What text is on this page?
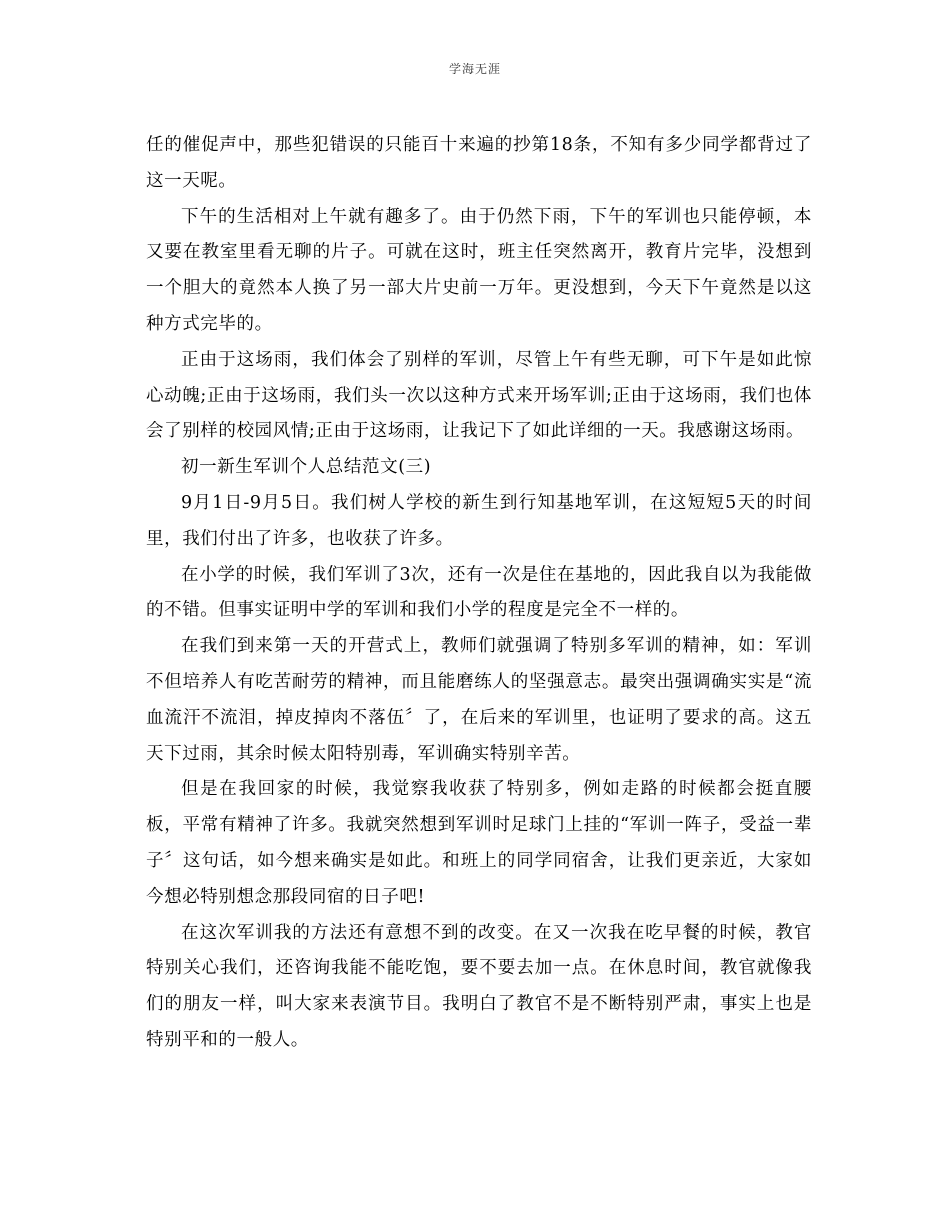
学海无涯

任的催促声中，那些犯错误的只能百十来遍的抄第18条，不知有多少同学都背过了这一天呢。

下午的生活相对上午就有趣多了。由于仍然下雨，下午的军训也只能停顿，本又要在教室里看无聊的片子。可就在这时，班主任突然离开，教育片完毕，没想到一个胆大的竟然本人换了另一部大片史前一万年。更没想到，今天下午竟然是以这种方式完毕的。

正由于这场雨，我们体会了别样的军训，尽管上午有些无聊，可下午是如此惊心动魄;正由于这场雨，我们头一次以这种方式来开场军训;正由于这场雨，我们也体会了别样的校园风情;正由于这场雨，让我记下了如此详细的一天。我感谢这场雨。

初一新生军训个人总结范文(三)

9月1日-9月5日。我们树人学校的新生到行知基地军训，在这短短5天的时间里，我们付出了许多，也收获了许多。

在小学的时候，我们军训了3次，还有一次是住在基地的，因此我自以为我能做的不错。但事实证明中学的军训和我们小学的程度是完全不一样的。

在我们到来第一天的开营式上，教师们就强调了特别多军训的精神，如：军训不但培养人有吃苦耐劳的精神，而且能磨练人的坚强意志。最突出强调确实实是“流血流汗不流泪，掉皮掉肉不落伍〞了，在后来的军训里，也证明了要求的高。这五天下过雨，其余时候太阳特别毒，军训确实特别辛苦。

但是在我回家的时候，我觉察我收获了特别多，例如走路的时候都会挺直腰板，平常有精神了许多。我就突然想到军训时足球门上挂的“军训一阵子，受益一辈子〞这句话，如今想来确实是如此。和班上的同学同宿舍，让我们更亲近，大家如今想必特别想念那段同宿的日子吧!

在这次军训我的方法还有意想不到的改变。在又一次我在吃早餐的时候，教官特别关心我们，还咨询我能不能吃饱，要不要去加一点。在休息时间，教官就像我们的朋友一样，叫大家来表演节目。我明白了教官不是不断特别严肃，事实上也是特别平和的一般人。
